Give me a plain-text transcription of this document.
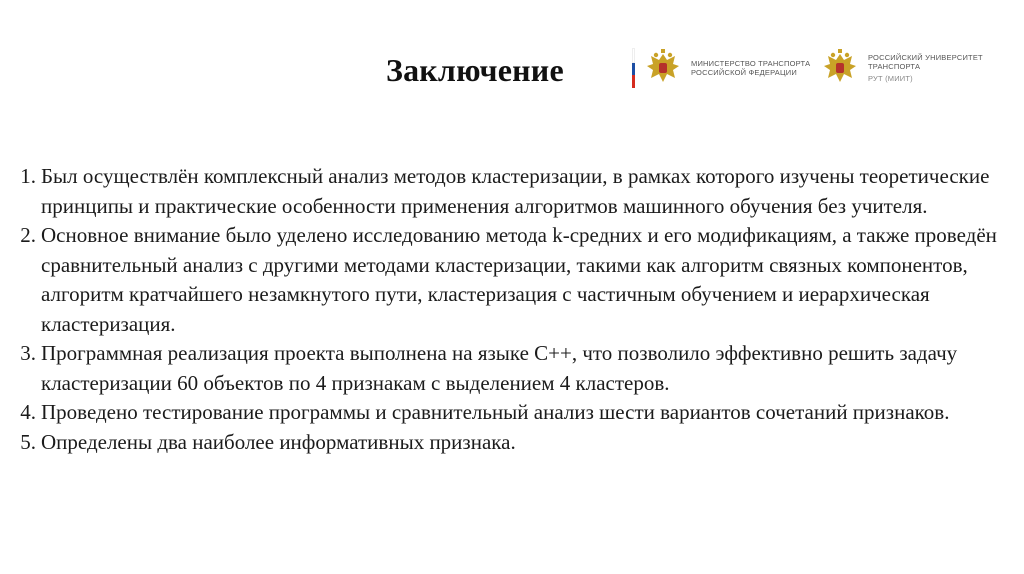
Заключение	МИНИСТЕРСТВО ТРАНСПОРТА
РОССИЙСКОЙ ФЕДЕРАЦИИ
РОССИЙСКИЙ УНИВЕРСИТЕТ
ТРАНСПОРТА
РУТ (МИИТ)
1. Был осуществлён комплексный анализ методов кластеризации, в рамках которого изучены теоретические принципы и практические особенности применения алгоритмов машинного обучения без учителя.
2. Основное внимание было уделено исследованию метода k-средних и его модификациям, а также проведён сравнительный анализ с другими методами кластеризации, такими как алгоритм связных компонентов, алгоритм кратчайшего незамкнутого пути, кластеризация с частичным обучением и иерархическая кластеризация.
3. Программная реализация проекта выполнена на языке C++, что позволило эффективно решить задачу кластеризации 60 объектов по 4 признакам с выделением 4 кластеров.
4. Проведено тестирование программы и сравнительный анализ шести вариантов сочетаний признаков.
5. Определены два наиболее информативных признака.
